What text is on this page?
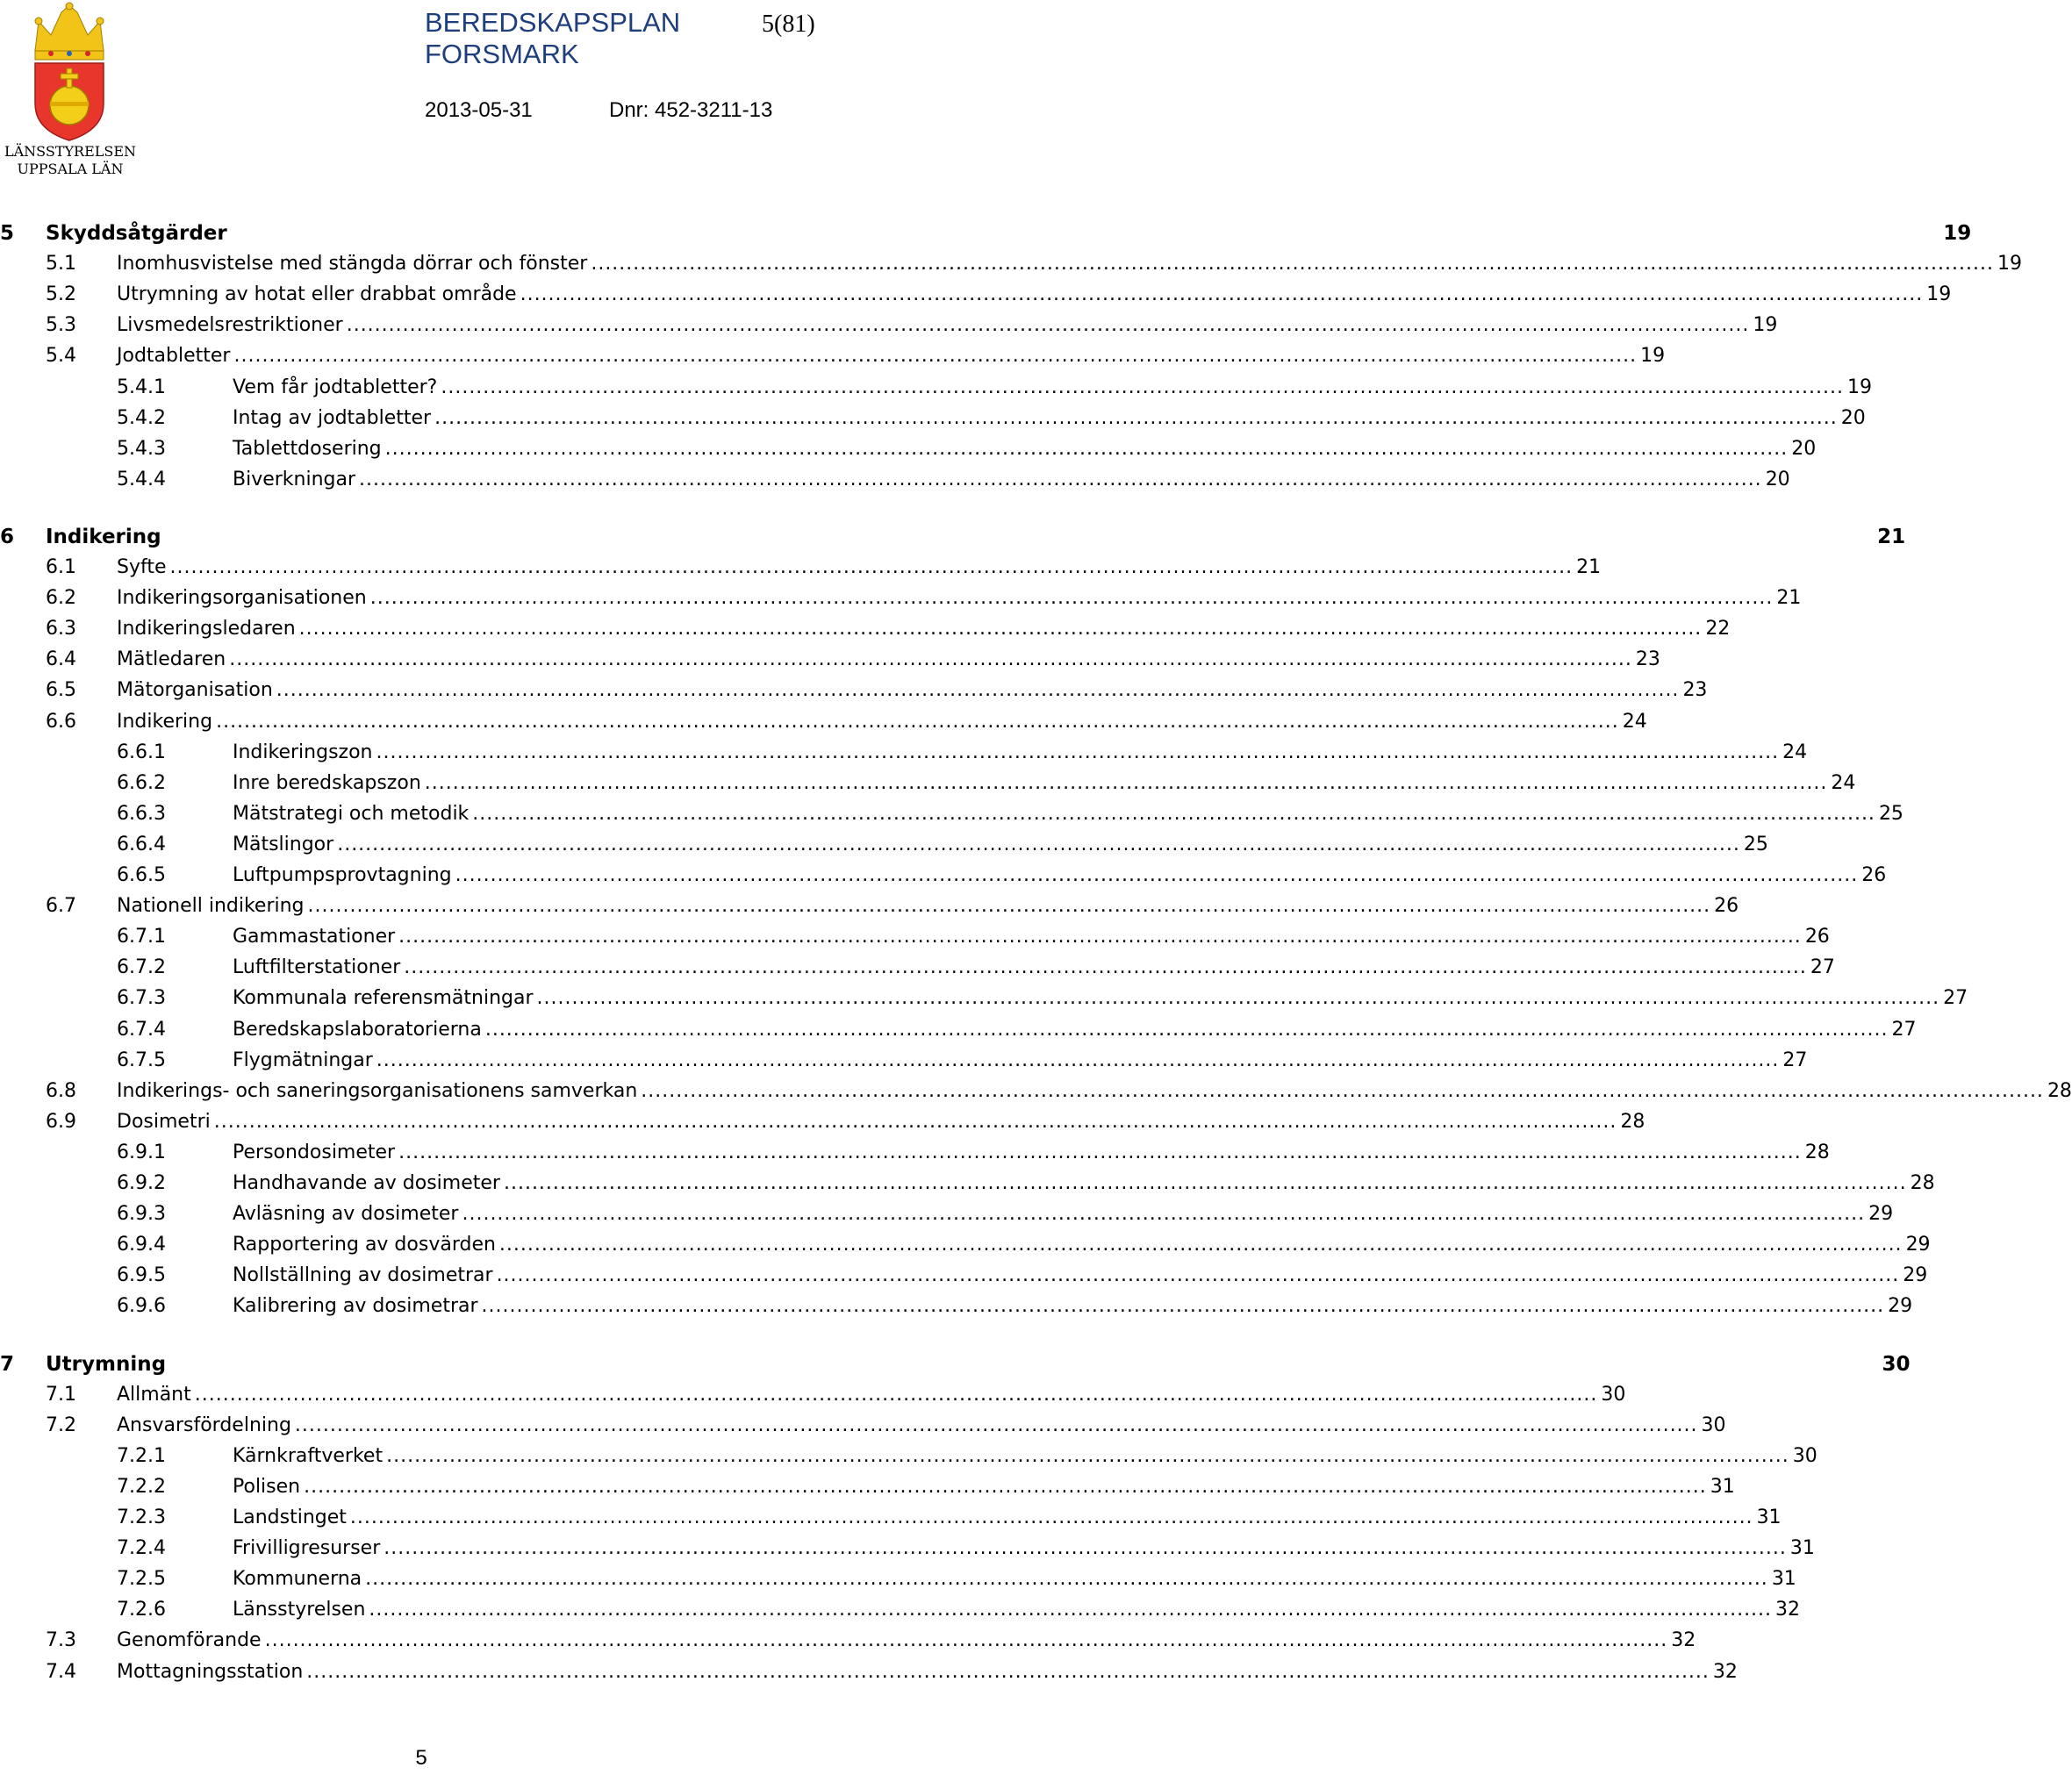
LÄNSSTYRELSEN
UPPSALA LÄN
BEREDSKAPSPLAN
FORSMARK
5(81)
2013-05-31	Dnr: 452-3211-13
5 Skyddsåtgärder	19
5.1 Inomhusvistelse med stängda dörrar och fönster ........................................................................................................................................................................................................ 19
5.2 Utrymning av hotat eller drabbat område ........................................................................................................................................................................................................ 19
5.3 Livsmedelsrestriktioner ........................................................................................................................................................................................................ 19
5.4 Jodtabletter ........................................................................................................................................................................................................ 19
5.4.1	Vem får jodtabletter? ........................................................................................................................................................................................................ 19
5.4.2	Intag av jodtabletter ........................................................................................................................................................................................................ 20
5.4.3	Tablettdosering ........................................................................................................................................................................................................ 20
5.4.4	Biverkningar ........................................................................................................................................................................................................ 20
6 Indikering	21
6.1 Syfte ........................................................................................................................................................................................................ 21
6.2 Indikeringsorganisationen ........................................................................................................................................................................................................ 21
6.3 Indikeringsledaren ........................................................................................................................................................................................................ 22
6.4 Mätledaren ........................................................................................................................................................................................................ 23
6.5 Mätorganisation ........................................................................................................................................................................................................ 23
6.6 Indikering ........................................................................................................................................................................................................ 24
6.6.1	Indikeringszon ........................................................................................................................................................................................................ 24
6.6.2	Inre beredskapszon ........................................................................................................................................................................................................ 24
6.6.3	Mätstrategi och metodik ........................................................................................................................................................................................................ 25
6.6.4	Mätslingor ........................................................................................................................................................................................................ 25
6.6.5	Luftpumpsprovtagning ........................................................................................................................................................................................................ 26
6.7 Nationell indikering ........................................................................................................................................................................................................ 26
6.7.1	Gammastationer ........................................................................................................................................................................................................ 26
6.7.2	Luftfilterstationer ........................................................................................................................................................................................................ 27
6.7.3	Kommunala referensmätningar ........................................................................................................................................................................................................ 27
6.7.4	Beredskapslaboratorierna ........................................................................................................................................................................................................ 27
6.7.5	Flygmätningar ........................................................................................................................................................................................................ 27
6.8 Indikerings- och saneringsorganisationens samverkan ........................................................................................................................................................................................................ 28
6.9 Dosimetri ........................................................................................................................................................................................................ 28
6.9.1	Persondosimeter ........................................................................................................................................................................................................ 28
6.9.2	Handhavande av dosimeter ........................................................................................................................................................................................................ 28
6.9.3	Avläsning av dosimeter ........................................................................................................................................................................................................ 29
6.9.4	Rapportering av dosvärden ........................................................................................................................................................................................................ 29
6.9.5	Nollställning av dosimetrar ........................................................................................................................................................................................................ 29
6.9.6	Kalibrering av dosimetrar ........................................................................................................................................................................................................ 29
7 Utrymning	30
7.1 Allmänt ........................................................................................................................................................................................................ 30
7.2 Ansvarsfördelning ........................................................................................................................................................................................................ 30
7.2.1	Kärnkraftverket ........................................................................................................................................................................................................ 30
7.2.2	Polisen ........................................................................................................................................................................................................ 31
7.2.3	Landstinget ........................................................................................................................................................................................................ 31
7.2.4	Frivilligresurser ........................................................................................................................................................................................................ 31
7.2.5	Kommunerna ........................................................................................................................................................................................................ 31
7.2.6	Länsstyrelsen ........................................................................................................................................................................................................ 32
7.3 Genomförande ........................................................................................................................................................................................................ 32
7.4 Mottagningsstation ........................................................................................................................................................................................................ 32
5
